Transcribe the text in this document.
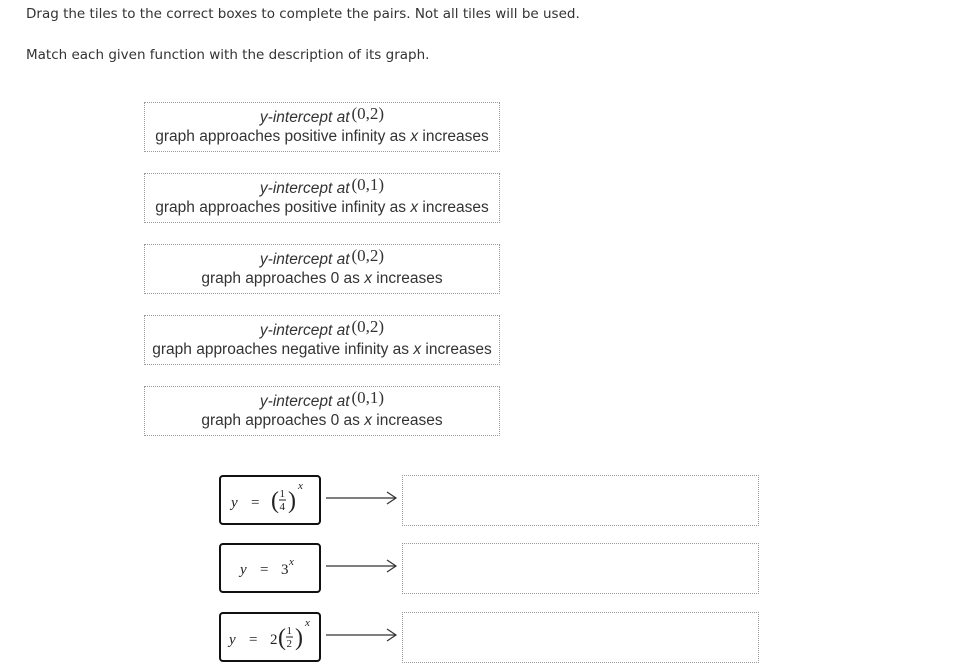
Drag the tiles to the correct boxes to complete the pairs. Not all tiles will be used.
Match each given function with the description of its graph.
y-intercept at (0,2)
graph approaches positive infinity as x increases
y-intercept at (0,1)
graph approaches positive infinity as x increases
y-intercept at (0,2)
graph approaches 0 as x increases
y-intercept at (0,2)
graph approaches negative infinity as x increases
y-intercept at (0,1)
graph approaches 0 as x increases
y = ( 1
4 )
x
y = 3 x
y = 2 ( 1
2 )
x
